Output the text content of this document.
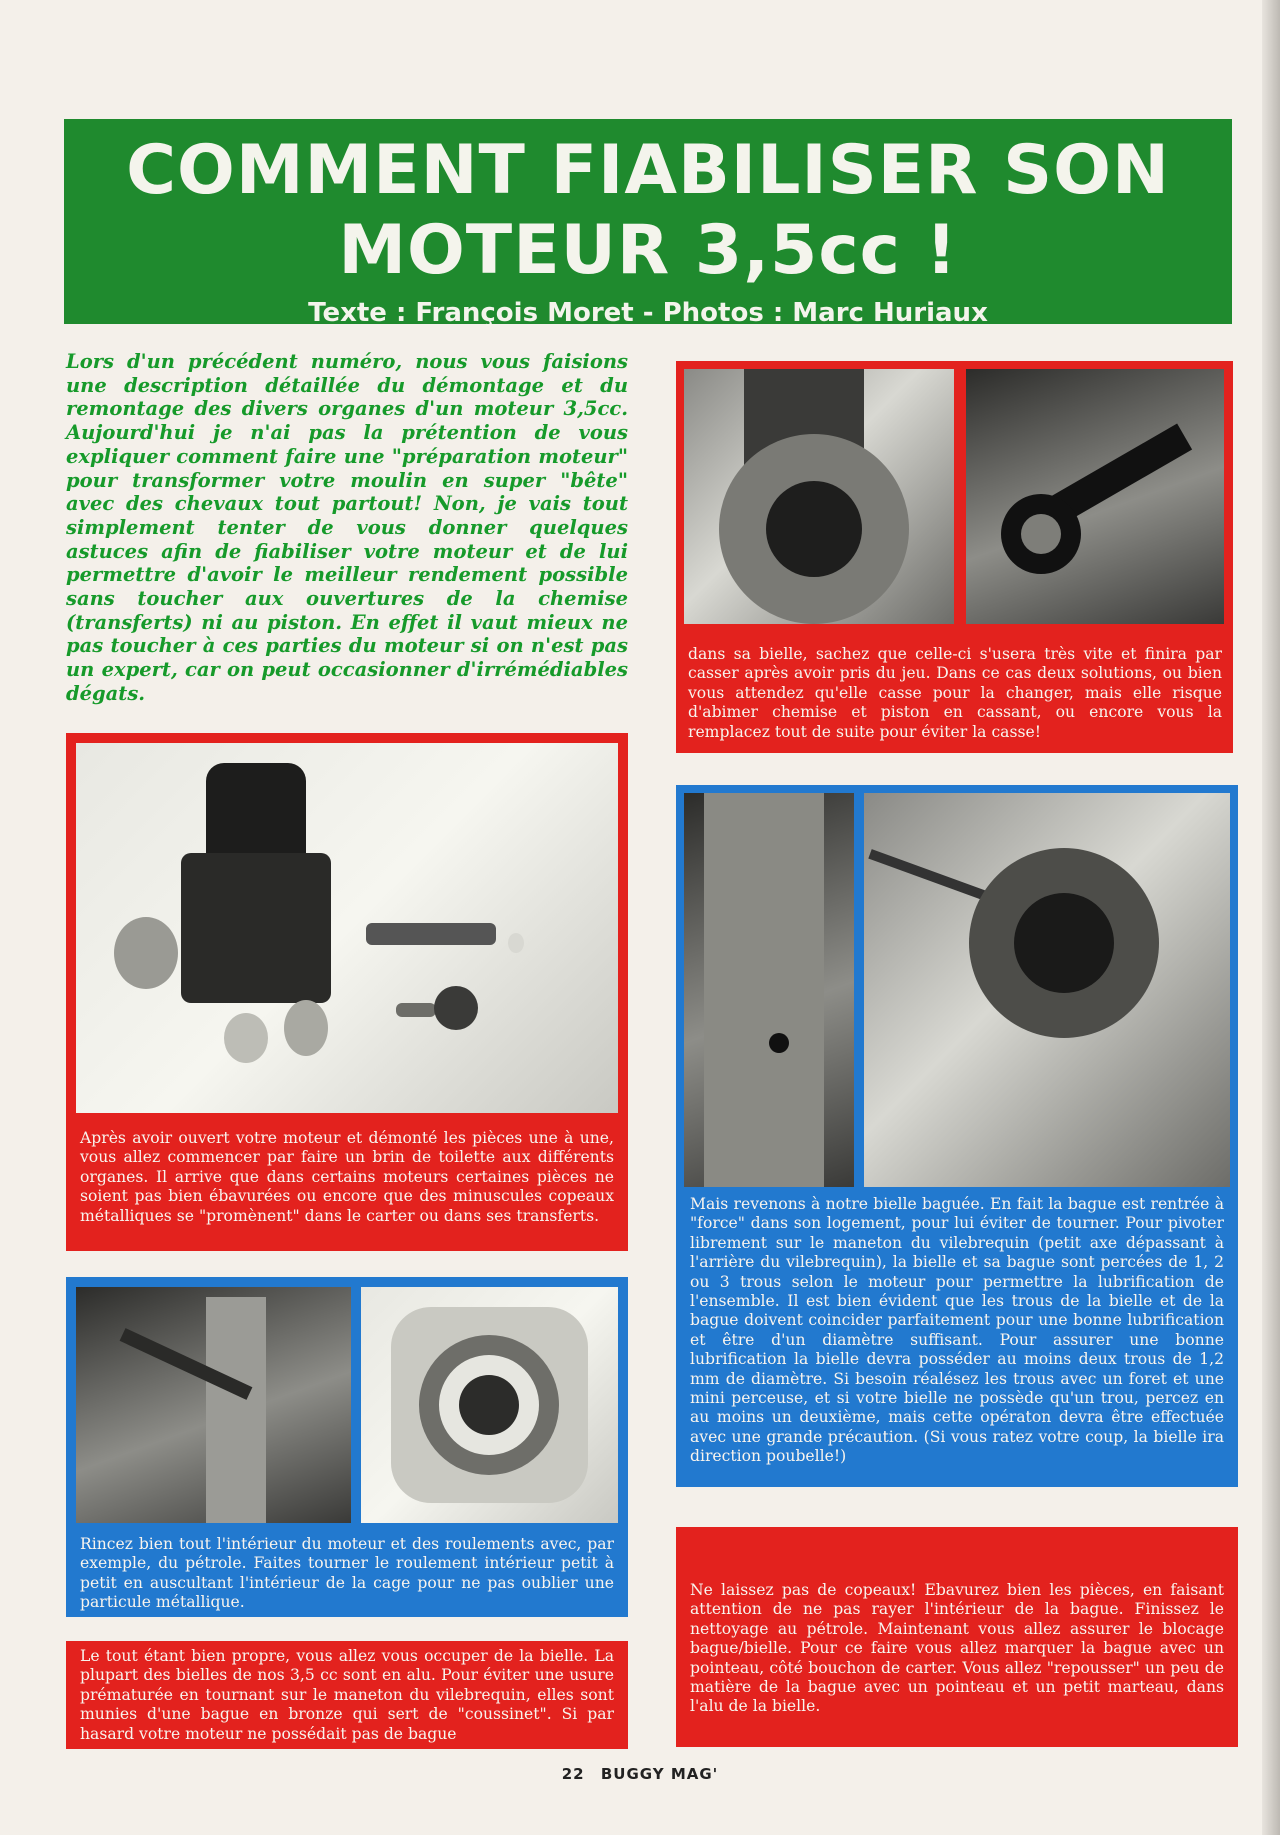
COMMENT FIABILISER SON
MOTEUR 3,5cc !
Texte : François Moret - Photos : Marc Huriaux
Lors d'un précédent numéro, nous vous faisions une description détaillée du démontage et du remontage des divers organes d'un moteur 3,5cc. Aujourd'hui je n'ai pas la prétention de vous expliquer comment faire une "préparation moteur" pour transformer votre moulin en super "bête" avec des chevaux tout partout! Non, je vais tout simplement tenter de vous donner quelques astuces afin de fiabiliser votre moteur et de lui permettre d'avoir le meilleur rendement possible sans toucher aux ouvertures de la chemise (transferts) ni au piston. En effet il vaut mieux ne pas toucher à ces parties du moteur si on n'est pas un expert, car on peut occasionner d'irrémédiables dégats.
Après avoir ouvert votre moteur et démonté les pièces une à une, vous allez commencer par faire un brin de toilette aux différents organes. Il arrive que dans certains moteurs certaines pièces ne soient pas bien ébavurées ou encore que des minuscules copeaux métalliques se "promènent" dans le carter ou dans ses transferts.
Rincez bien tout l'intérieur du moteur et des roulements avec, par exemple, du pétrole. Faites tourner le roulement intérieur petit à petit en auscultant l'intérieur de la cage pour ne pas oublier une particule métallique.
Le tout étant bien propre, vous allez vous occuper de la bielle. La plupart des bielles de nos 3,5 cc sont en alu. Pour éviter une usure prématurée en tournant sur le maneton du vilebrequin, elles sont munies d'une bague en bronze qui sert de "coussinet". Si par hasard votre moteur ne possédait pas de bague
dans sa bielle, sachez que celle-ci s'usera très vite et finira par casser après avoir pris du jeu. Dans ce cas deux solutions, ou bien vous attendez qu'elle casse pour la changer, mais elle risque d'abimer chemise et piston en cassant, ou encore vous la remplacez tout de suite pour éviter la casse!
Mais revenons à notre bielle baguée. En fait la bague est rentrée à "force" dans son logement, pour lui éviter de tourner. Pour pivoter librement sur le maneton du vilebrequin (petit axe dépassant à l'arrière du vilebrequin), la bielle et sa bague sont percées de 1, 2 ou 3 trous selon le moteur pour permettre la lubrification de l'ensemble. Il est bien évident que les trous de la bielle et de la bague doivent coincider parfaitement pour une bonne lubrification et être d'un diamètre suffisant. Pour assurer une bonne lubrification la bielle devra posséder au moins deux trous de 1,2 mm de diamètre. Si besoin réalésez les trous avec un foret et une mini perceuse, et si votre bielle ne possède qu'un trou, percez en au moins un deuxième, mais cette opératon devra être effectuée avec une grande précaution. (Si vous ratez votre coup, la bielle ira direction poubelle!)
Ne laissez pas de copeaux! Ebavurez bien les pièces, en faisant attention de ne pas rayer l'intérieur de la bague. Finissez le nettoyage au pétrole. Maintenant vous allez assurer le blocage bague/bielle. Pour ce faire vous allez marquer la bague avec un pointeau, côté bouchon de carter. Vous allez "repousser" un peu de matière de la bague avec un pointeau et un petit marteau, dans l'alu de la bielle.
22 BUGGY MAG'
